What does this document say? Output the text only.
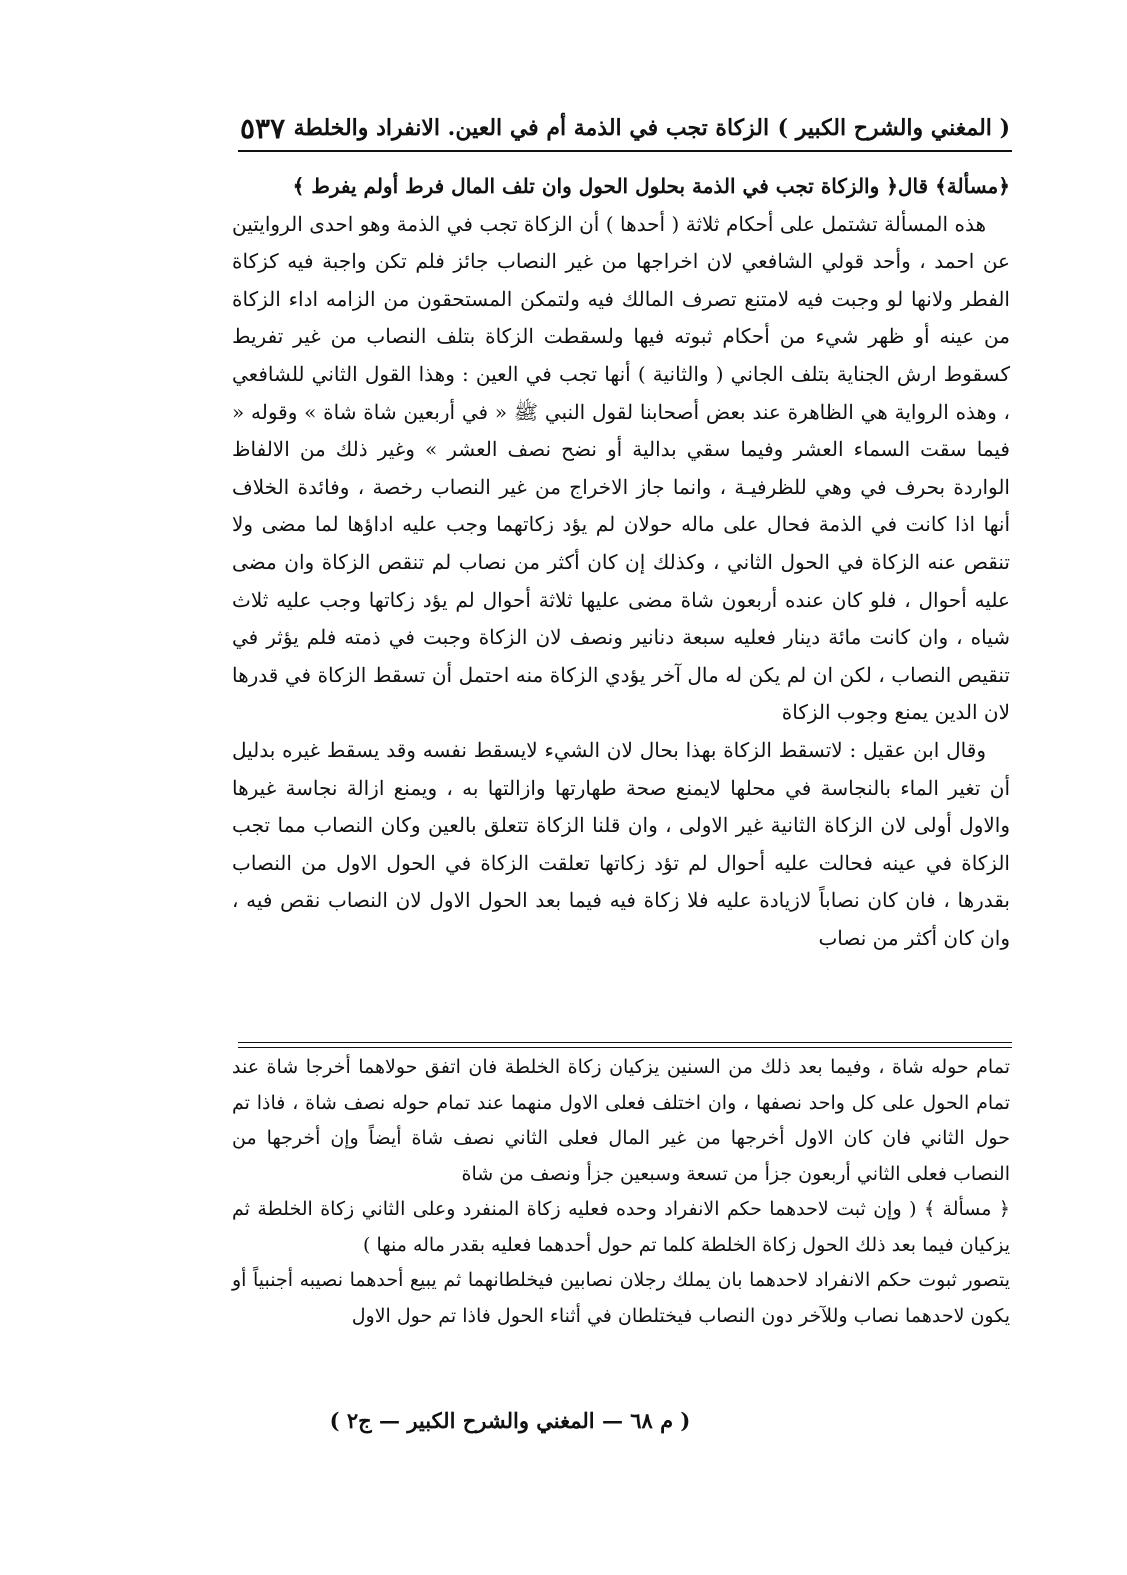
( المغني والشرح الكبير )
الزكاة تجب في الذمة أم في العين. الانفراد والخلطة
٥٣٧

﴿مسألة﴾ قال﴿ والزكاة تجب في الذمة بحلول الحول وان تلف المال فرط أولم يفرط ﴾

هذه المسألة تشتمل على أحكام ثلاثة ( أحدها ) أن الزكاة تجب في الذمة وهو احدى الروايتين عن احمد ، وأحد قولي الشافعي لان اخراجها من غير النصاب جائز فلم تكن واجبة فيه كزكاة الفطر ولانها لو وجبت فيه لامتنع تصرف المالك فيه ولتمكن المستحقون من الزامه اداء الزكاة من عينه أو ظهر شيء من أحكام ثبوته فيها ولسقطت الزكاة بتلف النصاب من غير تفريط كسقوط ارش الجناية بتلف الجاني ( والثانية ) أنها تجب في العين : وهذا القول الثاني للشافعي ، وهذه الرواية هي الظاهرة عند بعض أصحابنا لقول النبي ﷺ « في أربعين شاة شاة » وقوله « فيما سقت السماء العشر وفيما سقي بدالية أو نضح نصف العشر » وغير ذلك من الالفاظ الواردة بحرف في وهي للظرفيـة ، وانما جاز الاخراج من غير النصاب رخصة ، وفائدة الخلاف أنها اذا كانت في الذمة فحال على ماله حولان لم يؤد زكاتهما وجب عليه اداؤها لما مضى ولا تنقص عنه الزكاة في الحول الثاني ، وكذلك إن كان أكثر من نصاب لم تنقص الزكاة وان مضى عليه أحوال ، فلو كان عنده أربعون شاة مضى عليها ثلاثة أحوال لم يؤد زكاتها وجب عليه ثلاث شياه ، وان كانت مائة دينار فعليه سبعة دنانير ونصف لان الزكاة وجبت في ذمته فلم يؤثر في تنقيص النصاب ، لكن ان لم يكن له مال آخر يؤدي الزكاة منه احتمل أن تسقط الزكاة في قدرها لان الدين يمنع وجوب الزكاة

وقال ابن عقيل : لاتسقط الزكاة بهذا بحال لان الشيء لايسقط نفسه وقد يسقط غيره بدليل أن تغير الماء بالنجاسة في محلها لايمنع صحة طهارتها وازالتها به ، ويمنع ازالة نجاسة غيرها والاول أولى لان الزكاة الثانية غير الاولى ، وان قلنا الزكاة تتعلق بالعين وكان النصاب مما تجب الزكاة في عينه فحالت عليه أحوال لم تؤد زكاتها تعلقت الزكاة في الحول الاول من النصاب بقدرها ، فان كان نصاباً لازيادة عليه فلا زكاة فيه فيما بعد الحول الاول لان النصاب نقص فيه ، وان كان أكثر من نصاب

تمام حوله شاة ، وفيما بعد ذلك من السنين يزكيان زكاة الخلطة فان اتفق حولاهما أخرجا شاة عند تمام الحول على كل واحد نصفها ، وان اختلف فعلى الاول منهما عند تمام حوله نصف شاة ، فاذا تم حول الثاني فان كان الاول أخرجها من غير المال فعلى الثاني نصف شاة أيضاً وإن أخرجها من النصاب فعلى الثاني أربعون جزأ من تسعة وسبعين جزأ ونصف من شاة

﴿ مسألة ﴾ ( وإن ثبت لاحدهما حكم الانفراد وحده فعليه زكاة المنفرد وعلى الثاني زكاة الخلطة ثم يزكيان فيما بعد ذلك الحول زكاة الخلطة كلما تم حول أحدهما فعليه بقدر ماله منها )

يتصور ثبوت حكم الانفراد لاحدهما بان يملك رجلان نصابين فيخلطانهما ثم يبيع أحدهما نصيبه أجنبياً أو يكون لاحدهما نصاب وللآخر دون النصاب فيختلطان في أثناء الحول فاذا تم حول الاول

( م ٦٨ — المغني والشرح الكبير — ج٢ )
